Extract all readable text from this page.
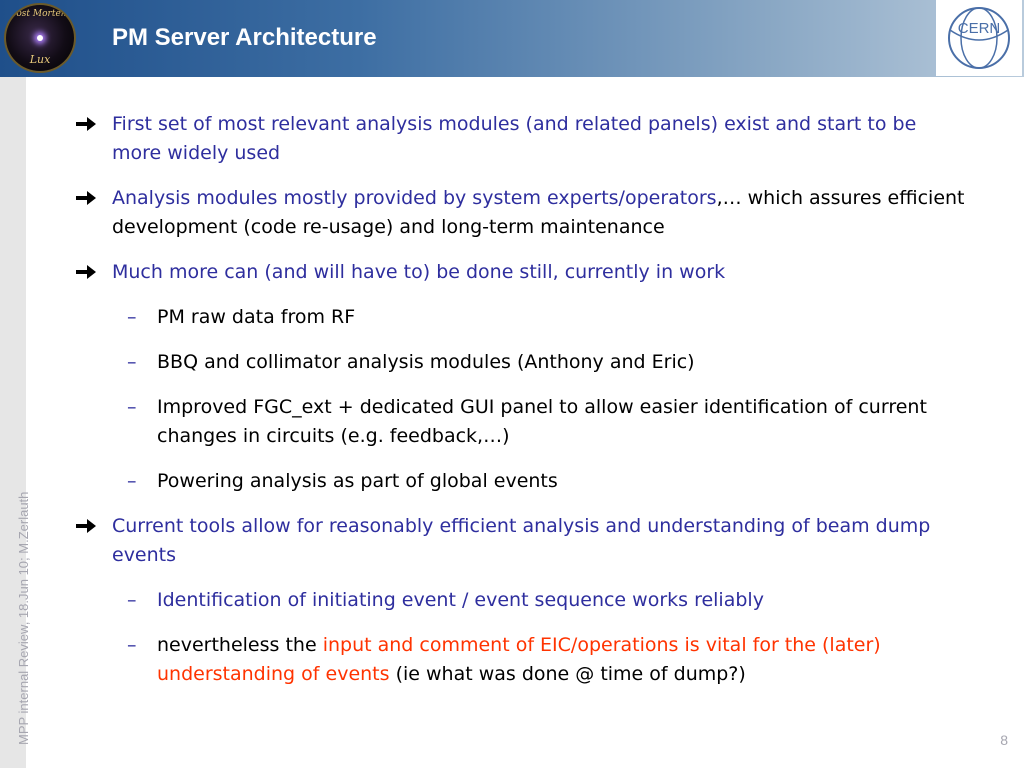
Post Mortem
Lux
PM Server Architecture	CERN
MPP internal Review, 18.Jun 10; M.Zerlauth
First set of most relevant analysis modules (and related panels) exist and start to be more widely used
Analysis modules mostly provided by system experts/operators,… which assures efficient development (code re-usage) and long-term maintenance
Much more can (and will have to) be done still, currently in work
– PM raw data from RF
– BBQ and collimator analysis modules (Anthony and Eric)
– Improved FGC_ext + dedicated GUI panel to allow easier identification of current changes in circuits (e.g. feedback,…)
– Powering analysis as part of global events
Current tools allow for reasonably efficient analysis and understanding of beam dump events
– Identification of initiating event / event sequence works reliably
– nevertheless the input and comment of EIC/operations is vital for the (later) understanding of events (ie what was done @ time of dump?)
8
